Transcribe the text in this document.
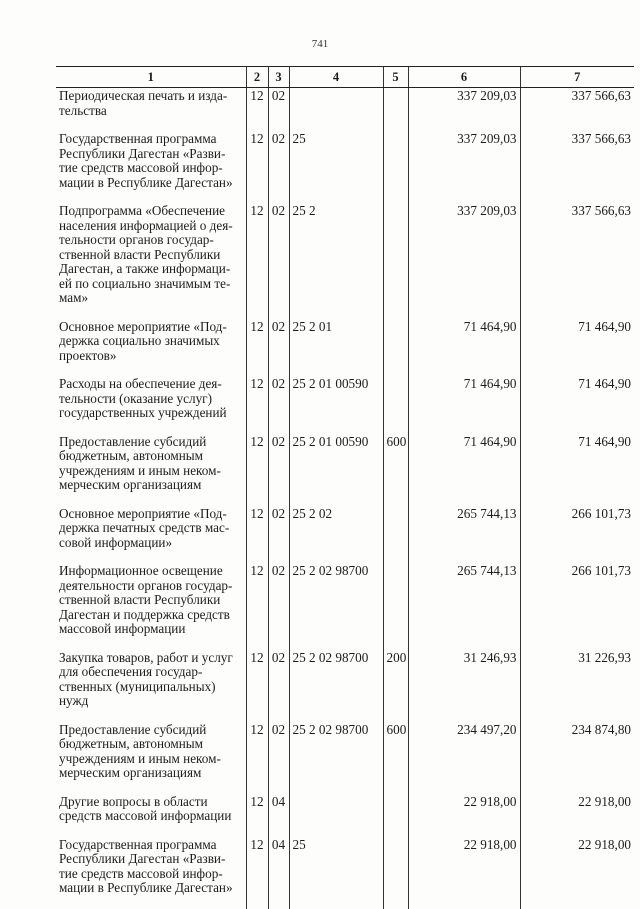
741
1	2	3	4	5	6	7
Периодическая печать и изда-тельства	12	02			337 209,03	337 566,63
Государственная программа Республики Дагестан «Разви-тие средств массовой инфор-мации в Республике Дагестан»	12	02	25		337 209,03	337 566,63
Подпрограмма «Обеспечение населения информацией о дея-тельности органов государ-ственной власти Республики Дагестан, а также информаци-ей по социально значимым те-мам»	12	02	25 2		337 209,03	337 566,63
Основное мероприятие «Под-держка социально значимых проектов»	12	02	25 2 01		71 464,90	71 464,90
Расходы на обеспечение дея-тельности (оказание услуг) государственных учреждений	12	02	25 2 01 00590		71 464,90	71 464,90
Предоставление субсидий бюджетным, автономным учреждениям и иным неком-мерческим организациям	12	02	25 2 01 00590	600	71 464,90	71 464,90
Основное мероприятие «Под-держка печатных средств мас-совой информации»	12	02	25 2 02		265 744,13	266 101,73
Информационное освещение деятельности органов государ-ственной власти Республики Дагестан и поддержка средств массовой информации	12	02	25 2 02 98700		265 744,13	266 101,73
Закупка товаров, работ и услуг для обеспечения государ-ственных (муниципальных) нужд	12	02	25 2 02 98700	200	31 246,93	31 226,93
Предоставление субсидий бюджетным, автономным учреждениям и иным неком-мерческим организациям	12	02	25 2 02 98700	600	234 497,20	234 874,80
Другие вопросы в области средств массовой информации	12	04			22 918,00	22 918,00
Государственная программа Республики Дагестан «Разви-тие средств массовой инфор-мации в Республике Дагестан»	12	04	25		22 918,00	22 918,00
